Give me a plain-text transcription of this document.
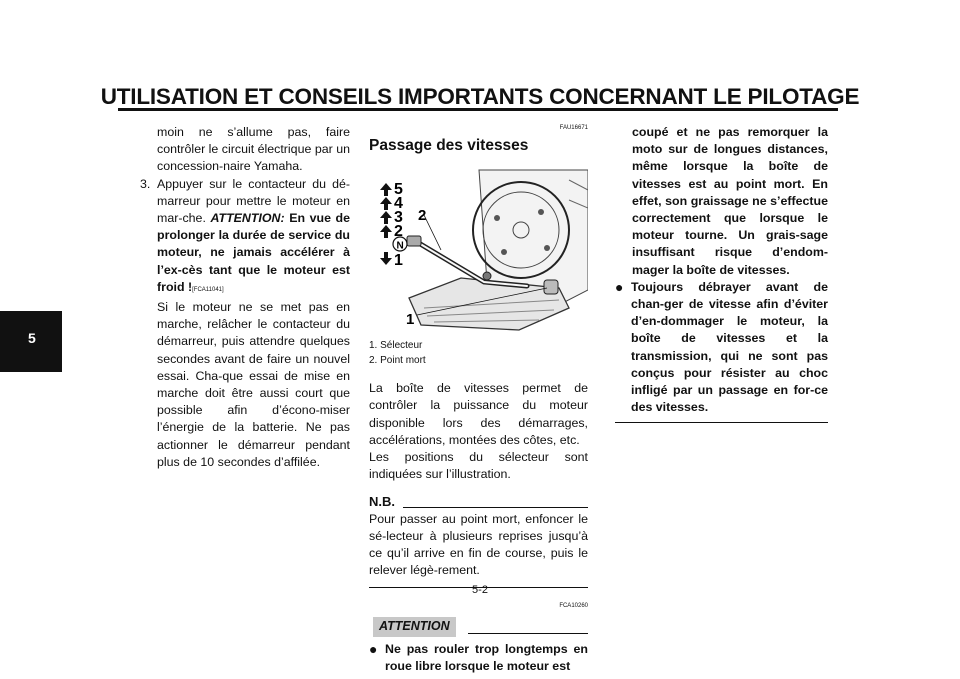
UTILISATION ET CONSEILS IMPORTANTS CONCERNANT LE PILOTAGE
5

moin ne s’allume pas, faire contrôler le circuit électrique par un concession-naire Yamaha.

3. Appuyer sur le contacteur du dé-marreur pour mettre le moteur en mar-che. ATTENTION: En vue de prolonger la durée de service du moteur, ne jamais accélérer à l’ex-cès tant que le moteur est froid ![FCA11041]

Si le moteur ne se met pas en marche, relâcher le contacteur du démarreur, puis attendre quelques secondes avant de faire un nouvel essai. Cha-que essai de mise en marche doit être aussi court que possible afin d’écono-miser l’énergie de la batterie. Ne pas actionner le démarreur pendant plus de 10 secondes d’affilée.

FAU16671
Passage des vitesses
5
4
3
2
N
1
2
1
1. Sélecteur
2. Point mort

La boîte de vitesses permet de contrôler la puissance du moteur disponible lors des démarrages, accélérations, montées des côtes, etc.

Les positions du sélecteur sont indiquées sur l’illustration.

N.B.

Pour passer au point mort, enfoncer le sé-lecteur à plusieurs reprises jusqu’à ce qu’il arrive en fin de course, puis le relever légè-rement.

FCA10260
ATTENTION
● Ne pas rouler trop longtemps en roue libre lorsque le moteur est

coupé et ne pas remorquer la moto sur de longues distances, même lorsque la boîte de vitesses est au point mort. En effet, son graissage ne s’effectue correctement que lorsque le moteur tourne. Un grais-sage insuffisant risque d’endom-mager la boîte de vitesses.

● Toujours débrayer avant de chan-ger de vitesse afin d’éviter d’en-dommager le moteur, la boîte de vitesses et la transmission, qui ne sont pas conçus pour résister au choc infligé par un passage en for-ce des vitesses.
5-2
